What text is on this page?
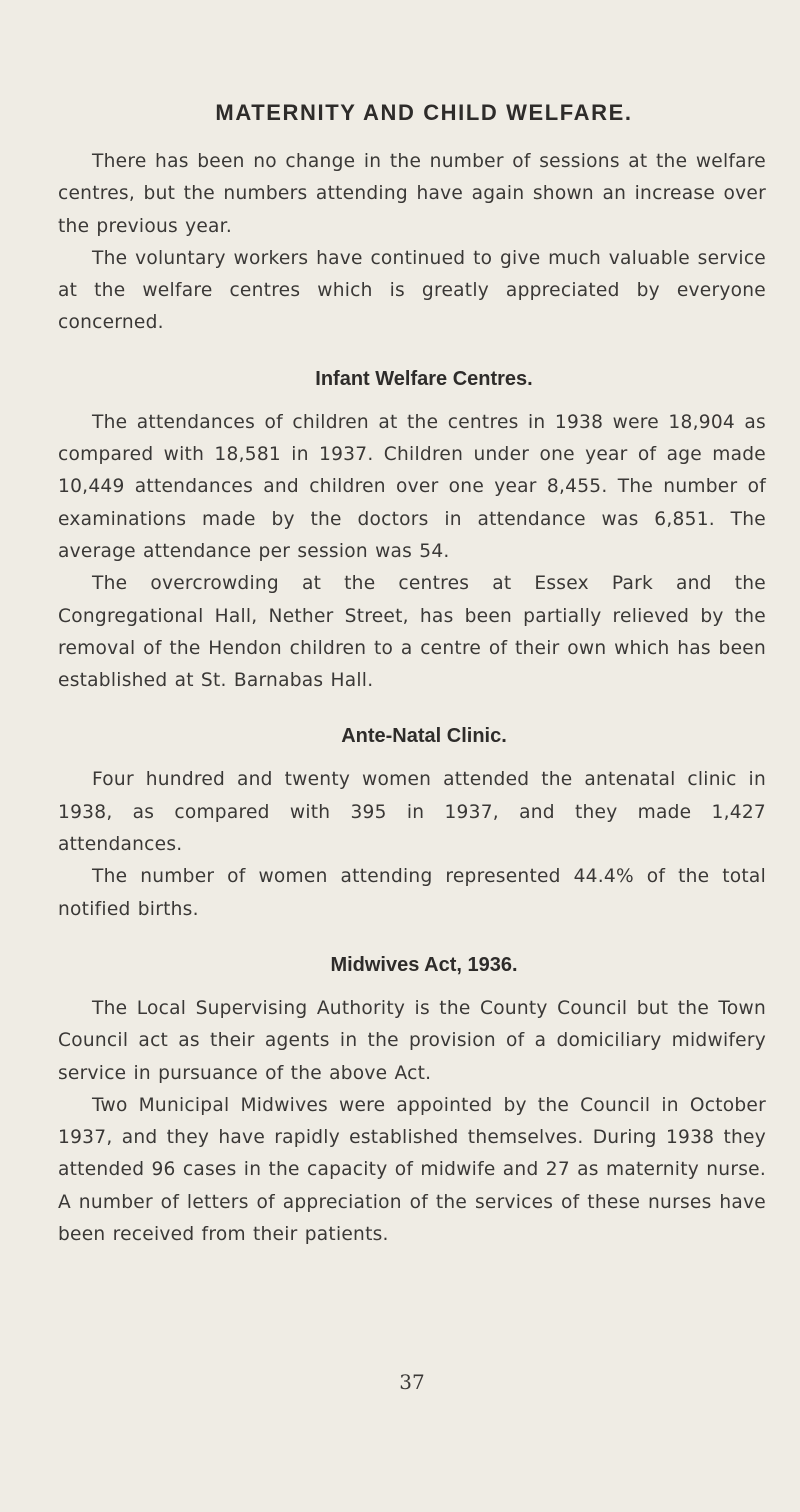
MATERNITY AND CHILD WELFARE.

There has been no change in the number of sessions at the welfare centres, but the numbers attending have again shown an increase over the previous year.

The voluntary workers have continued to give much valuable service at the welfare centres which is greatly appreciated by everyone concerned.

Infant Welfare Centres.

The attendances of children at the centres in 1938 were 18,904 as compared with 18,581 in 1937. Children under one year of age made 10,449 attendances and children over one year 8,455. The number of examinations made by the doctors in attendance was 6,851. The average attendance per session was 54.

The overcrowding at the centres at Essex Park and the Congregational Hall, Nether Street, has been partially relieved by the removal of the Hendon children to a centre of their own which has been established at St. Barnabas Hall.

Ante-Natal Clinic.

Four hundred and twenty women attended the antenatal clinic in 1938, as compared with 395 in 1937, and they made 1,427 attendances.

The number of women attending represented 44.4% of the total notified births.

Midwives Act, 1936.

The Local Supervising Authority is the County Council but the Town Council act as their agents in the provision of a domiciliary midwifery service in pursuance of the above Act.

Two Municipal Midwives were appointed by the Council in October 1937, and they have rapidly established themselves. During 1938 they attended 96 cases in the capacity of midwife and 27 as maternity nurse. A number of letters of appreciation of the services of these nurses have been received from their patients.

37
